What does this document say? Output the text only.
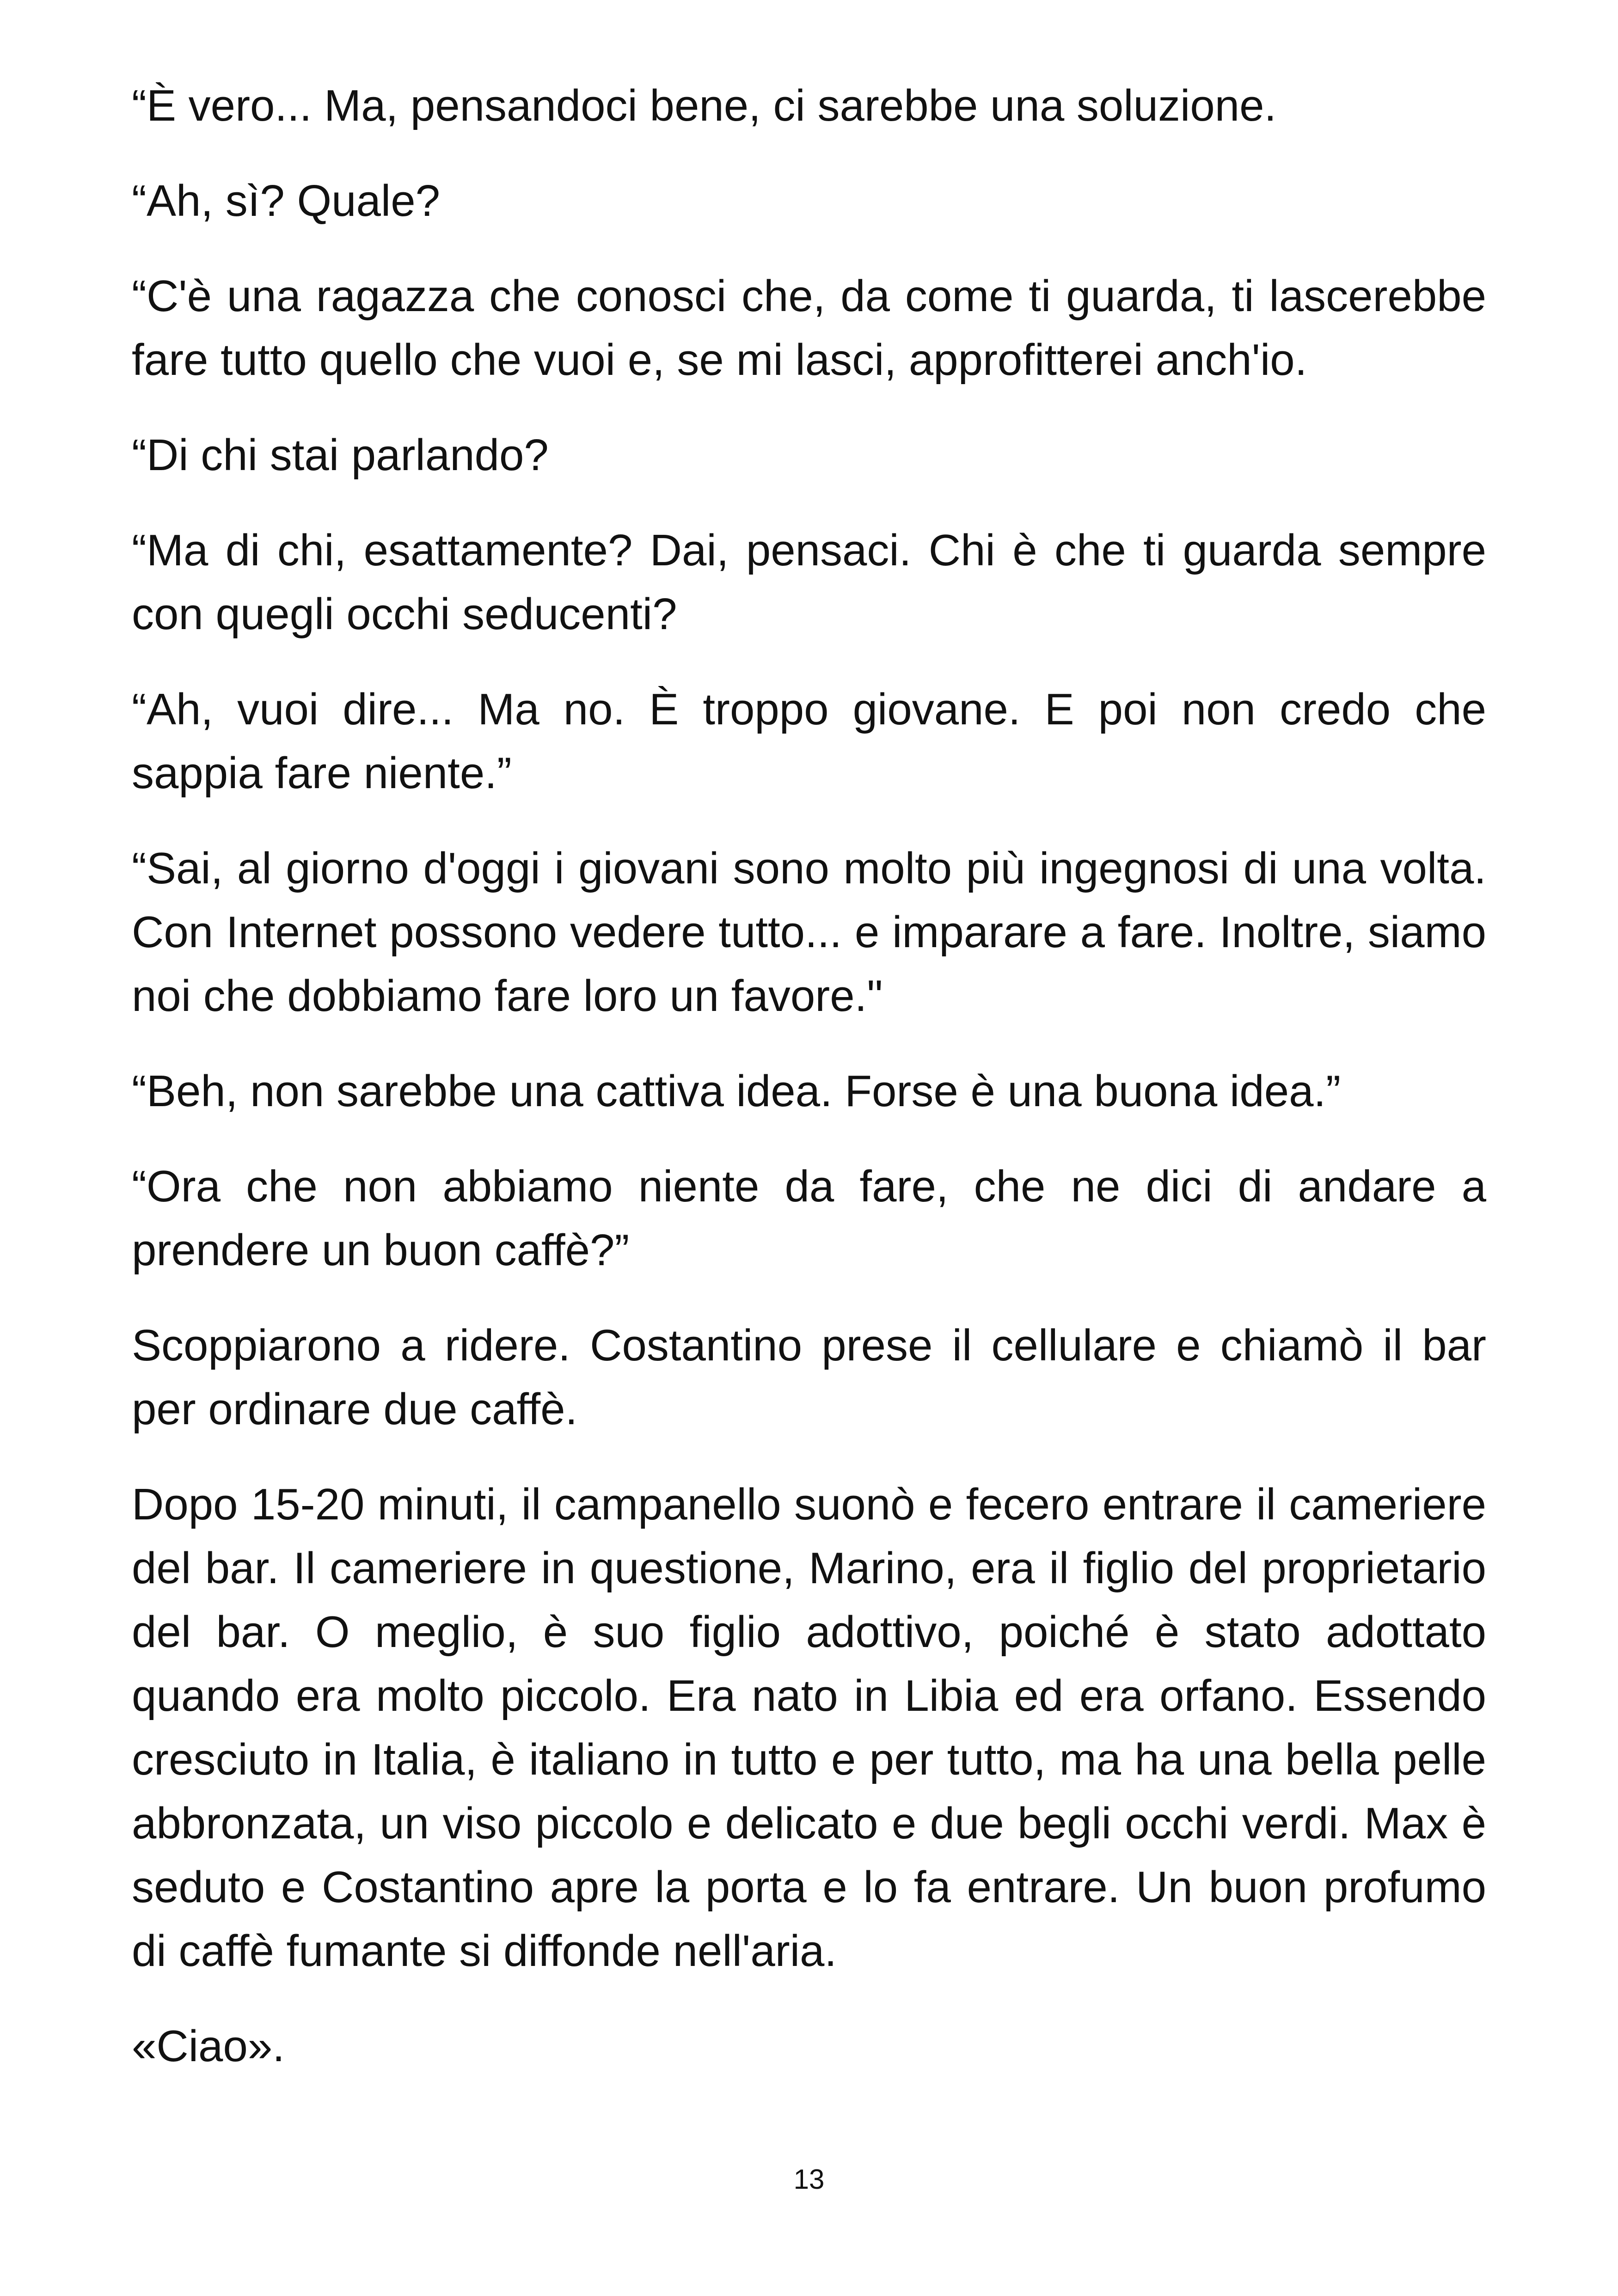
“È vero... Ma, pensandoci bene, ci sarebbe una soluzione.

“Ah, sì? Quale?

“C'è una ragazza che conosci che, da come ti guarda, ti lascerebbe fare tutto quello che vuoi e, se mi lasci, approfitterei anch'io.

“Di chi stai parlando?

“Ma di chi, esattamente? Dai, pensaci. Chi è che ti guarda sempre con quegli occhi seducenti?

“Ah, vuoi dire... Ma no. È troppo giovane. E poi non credo che sappia fare niente.”

“Sai, al giorno d'oggi i giovani sono molto più ingegnosi di una volta. Con Internet possono vedere tutto... e imparare a fare. Inoltre, siamo noi che dobbiamo fare loro un favore."

“Beh, non sarebbe una cattiva idea. Forse è una buona idea.”

“Ora che non abbiamo niente da fare, che ne dici di andare a prendere un buon caffè?”

Scoppiarono a ridere. Costantino prese il cellulare e chiamò il bar per ordinare due caffè.

Dopo 15-20 minuti, il campanello suonò e fecero entrare il cameriere del bar. Il cameriere in questione, Marino, era il figlio del proprietario del bar. O meglio, è suo figlio adottivo, poiché è stato adottato quando era molto piccolo. Era nato in Libia ed era orfano. Essendo cresciuto in Italia, è italiano in tutto e per tutto, ma ha una bella pelle abbronzata, un viso piccolo e delicato e due begli occhi verdi. Max è seduto e Costantino apre la porta e lo fa entrare. Un buon profumo di caffè fumante si diffonde nell'aria.

«Ciao».

13
